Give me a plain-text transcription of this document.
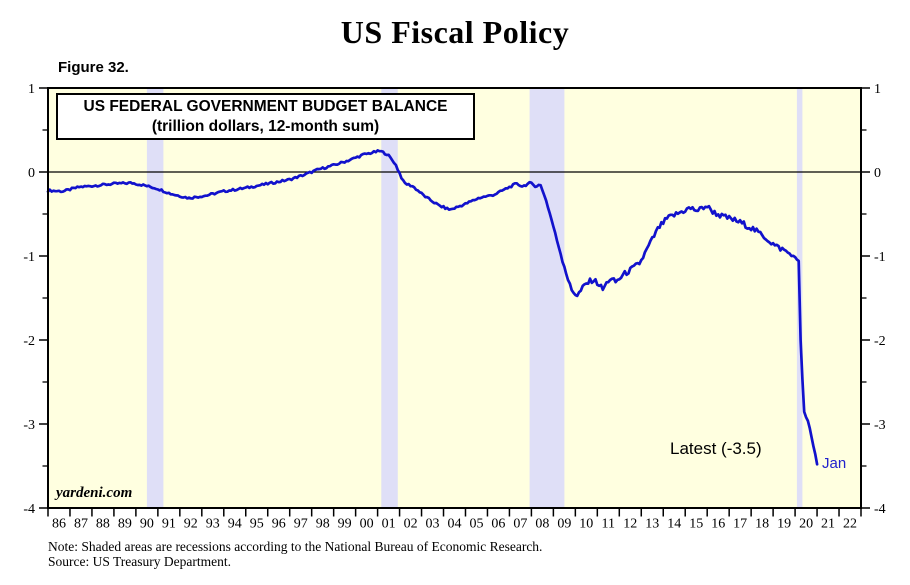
1	1
0	0
-1	-1
-2	-2
-3	-3
-4	-4
86 87 88 89 90 91 92 93 94 95 96 97 98 99 00 01 02 03 04 05 06 07 08 09 10 11 12 13 14 15 16 17 18 19 20 21 22
US Fiscal Policy
Figure 32.
US FEDERAL GOVERNMENT BUDGET BALANCE
(trillion dollars, 12-month sum)
Latest (-3.5)
Jan
yardeni.com
Note: Shaded areas are recessions according to the National Bureau of Economic Research.
Source: US Treasury Department.
